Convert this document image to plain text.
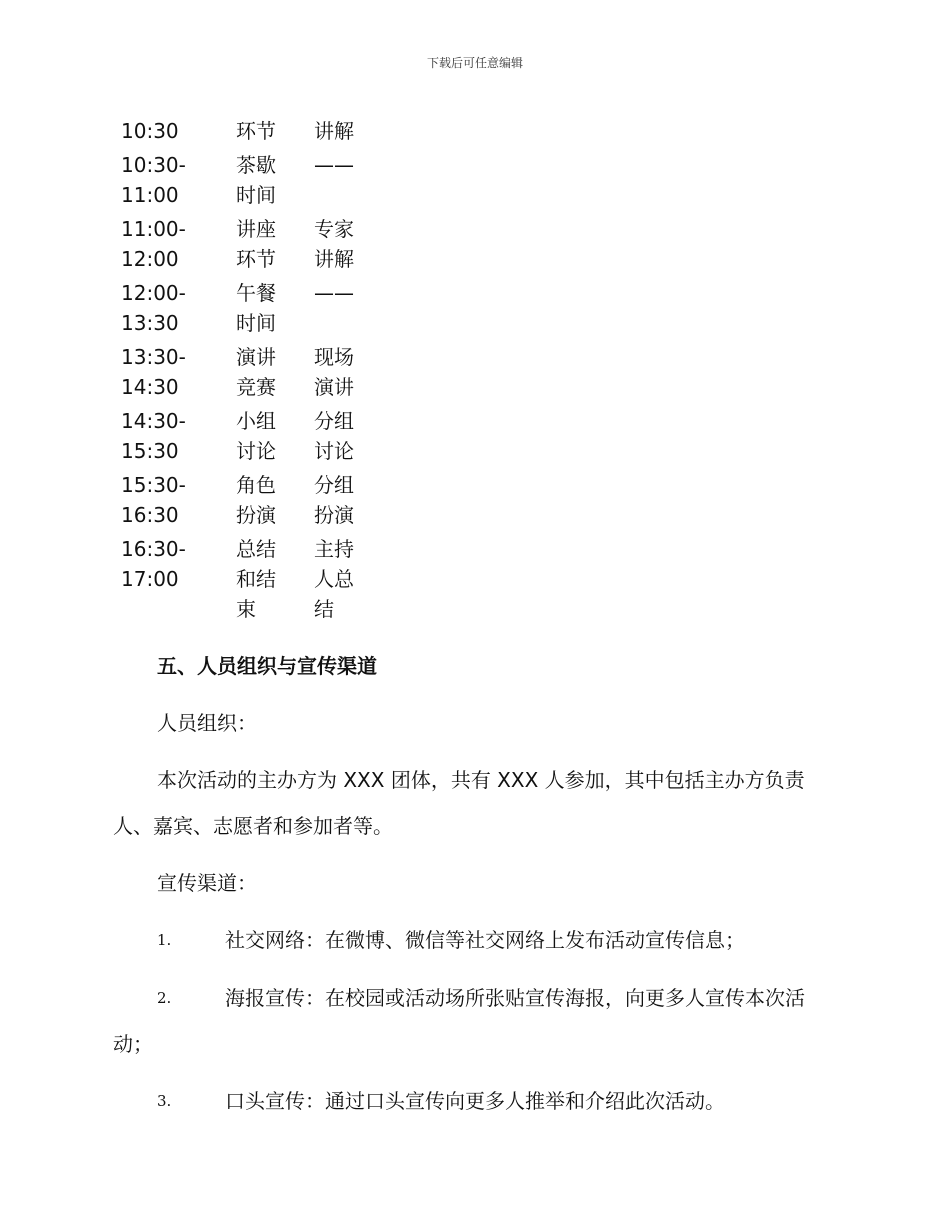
下载后可任意编辑
10:30	环节	讲解

10:30-11:00	茶歇时间	——

11:00-12:00	讲座环节	专家讲解

12:00-13:30	午餐时间	——

13:30-14:30	演讲竞赛	现场演讲

14:30-15:30	小组讨论	分组讨论

15:30-16:30	角色扮演	分组扮演

16:30-17:00	总结和结束	主持人总结
五、人员组织与宣传渠道
人员组织：
本次活动的主办方为 XXX 团体，共有 XXX 人参加，其中包括主办方负责人、嘉宾、志愿者和参加者等。
宣传渠道：
1.	社交网络：在微博、微信等社交网络上发布活动宣传信息；
2.	海报宣传：在校园或活动场所张贴宣传海报，向更多人宣传本次活动；
3.	口头宣传：通过口头宣传向更多人推举和介绍此次活动。
